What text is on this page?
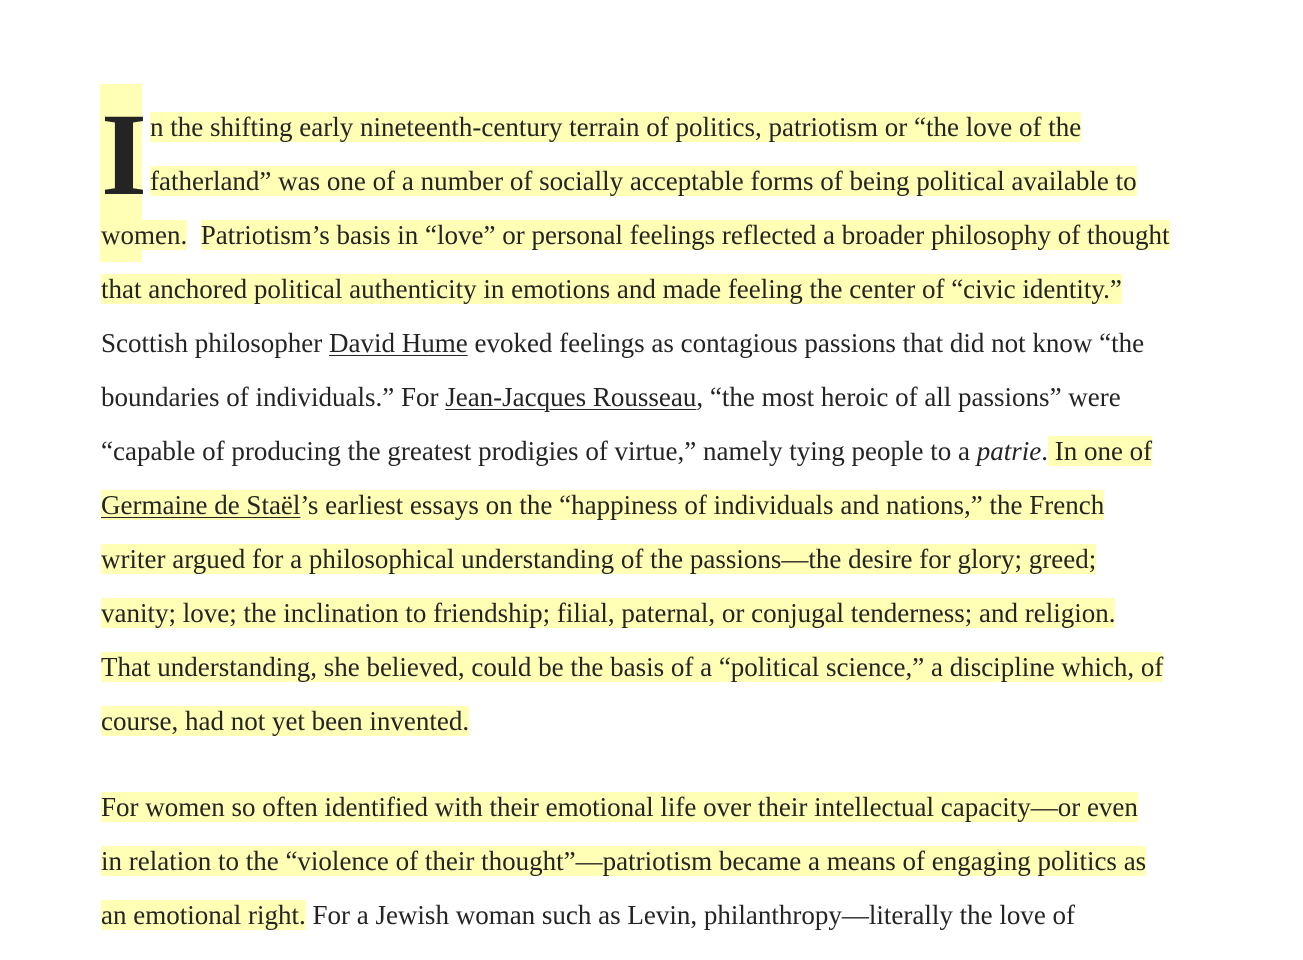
I n the shifting early nineteenth-century terrain of politics, patriotism or “the love of the
fatherland” was one of a number of socially acceptable forms of being political available to
women. Patriotism’s basis in “love” or personal feelings reflected a broader philosophy of thought
that anchored political authenticity in emotions and made feeling the center of “civic identity.”
Scottish philosopher David Hume evoked feelings as contagious passions that did not know “the
boundaries of individuals.” For Jean-Jacques Rousseau, “the most heroic of all passions” were
“capable of producing the greatest prodigies of virtue,” namely tying people to a patrie. In one of
Germaine de Staël’s earliest essays on the “happiness of individuals and nations,” the French
writer argued for a philosophical understanding of the passions—the desire for glory; greed;
vanity; love; the inclination to friendship; filial, paternal, or conjugal tenderness; and religion.
That understanding, she believed, could be the basis of a “political science,” a discipline which, of
course, had not yet been invented.
For women so often identified with their emotional life over their intellectual capacity—or even
in relation to the “violence of their thought”—patriotism became a means of engaging politics as
an emotional right. For a Jewish woman such as Levin, philanthropy—literally the love of
